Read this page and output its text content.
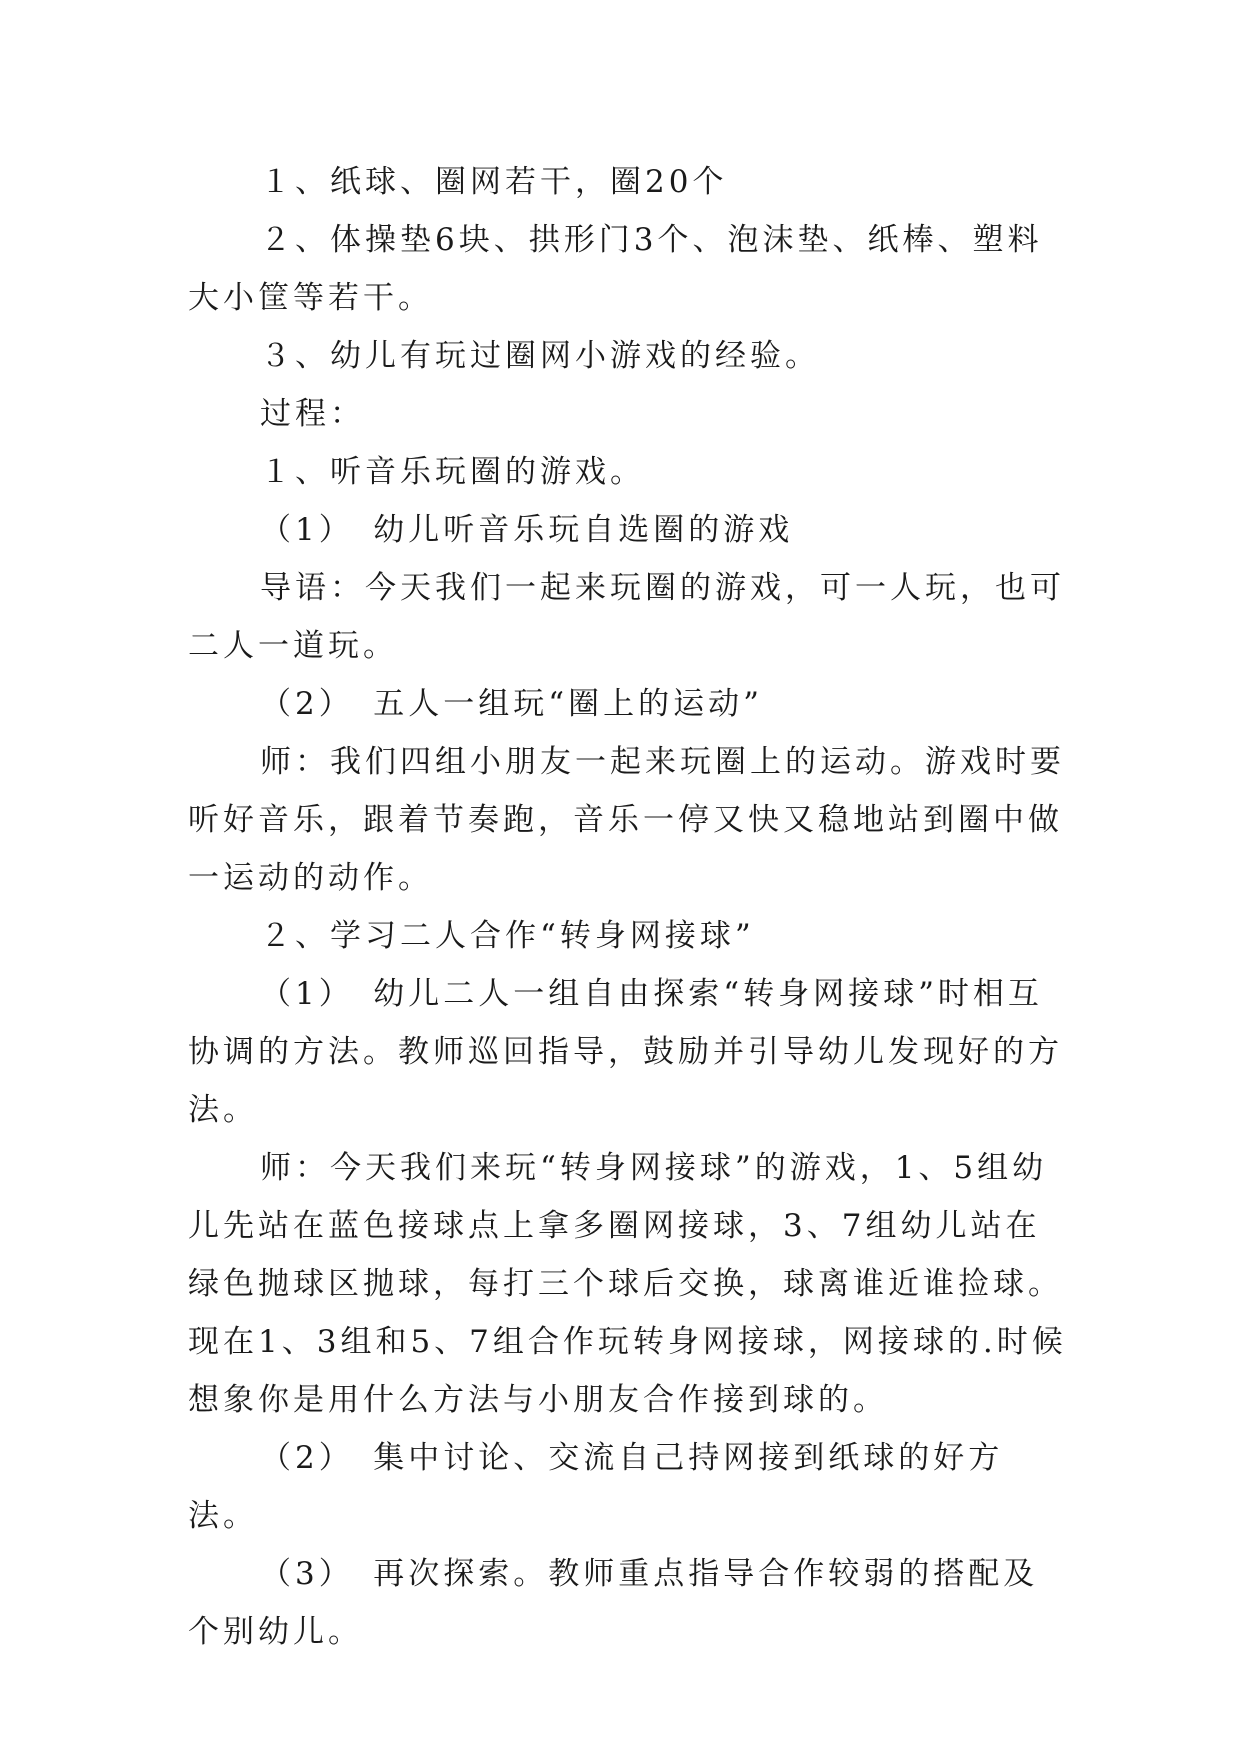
１、纸球、圈网若干，圈20个

２、体操垫6块、拱形门3个、泡沫垫、纸棒、塑料大小筐等若干。

３、幼儿有玩过圈网小游戏的经验。

过程：

１、听音乐玩圈的游戏。

（1）　幼儿听音乐玩自选圈的游戏

导语：今天我们一起来玩圈的游戏，可一人玩，也可二人一道玩。

（2）　五人一组玩“圈上的运动”

师：我们四组小朋友一起来玩圈上的运动。游戏时要听好音乐，跟着节奏跑，音乐一停又快又稳地站到圈中做一运动的动作。

２、学习二人合作“转身网接球”

（1）　幼儿二人一组自由探索“转身网接球”时相互协调的方法。教师巡回指导，鼓励并引导幼儿发现好的方法。

师：今天我们来玩“转身网接球”的游戏，1、5组幼儿先站在蓝色接球点上拿多圈网接球，3、7组幼儿站在绿色抛球区抛球，每打三个球后交换，球离谁近谁捡球。现在1、3组和5、7组合作玩转身网接球，网接球的.时候想象你是用什么方法与小朋友合作接到球的。

（2）　集中讨论、交流自己持网接到纸球的好方法。

（3）　再次探索。教师重点指导合作较弱的搭配及个别幼儿。
